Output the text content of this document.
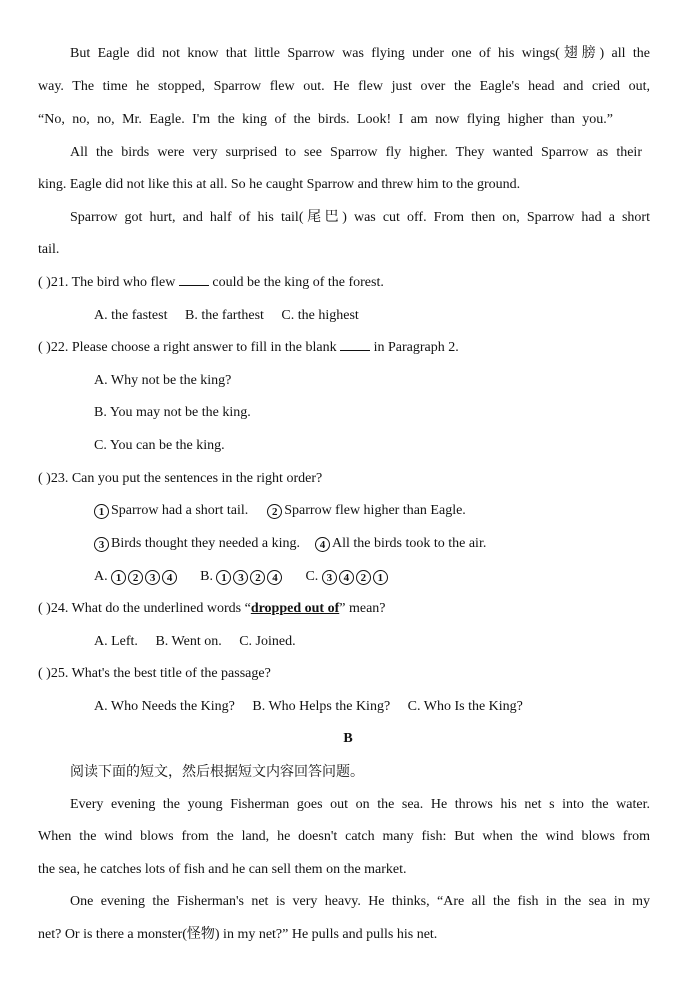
But Eagle did not know that little Sparrow was flying under one of his wings(翅膀) all the
way. The time he stopped, Sparrow flew out. He flew just over the Eagle's head and cried out,
“No, no, no, Mr. Eagle. I'm the king of the birds. Look! I am now flying higher than you.”
All the birds were very surprised to see Sparrow fly higher. They wanted Sparrow as their
king. Eagle did not like this at all. So he caught Sparrow and threw him to the ground.
Sparrow got hurt, and half of his tail(尾巴) was cut off. From then on, Sparrow had a short
tail.
( )21. The bird who flew	could be the king of the forest.
A. the fastest B. the farthest C. the highest
( )22. Please choose a right answer to fill in the blank	in Paragraph 2.
A. Why not be the king?
B. You may not be the king.
C. You can be the king.
( )23. Can you put the sentences in the right order?
1 Sparrow had a short tail. 2 Sparrow flew higher than Eagle.
3 Birds thought they needed a king. 4 All the birds took to the air.
A. 1 2 3 4 B. 1 3 2 4 C. 3 4 2 1
( )24. What do the underlined words “dropped out of” mean?
A. Left. B. Went on. C. Joined.
( )25. What's the best title of the passage?
A. Who Needs the King? B. Who Helps the King? C. Who Is the King?
B
阅读下面的短文，然后根据短文内容回答问题。
Every evening the young Fisherman goes out on the sea. He throws his net s into the water.
When the wind blows from the land, he doesn't catch many fish: But when the wind blows from
the sea, he catches lots of fish and he can sell them on the market.
One evening the Fisherman's net is very heavy. He thinks, “Are all the fish in the sea in my
net? Or is there a monster(怪物) in my net?” He pulls and pulls his net.
